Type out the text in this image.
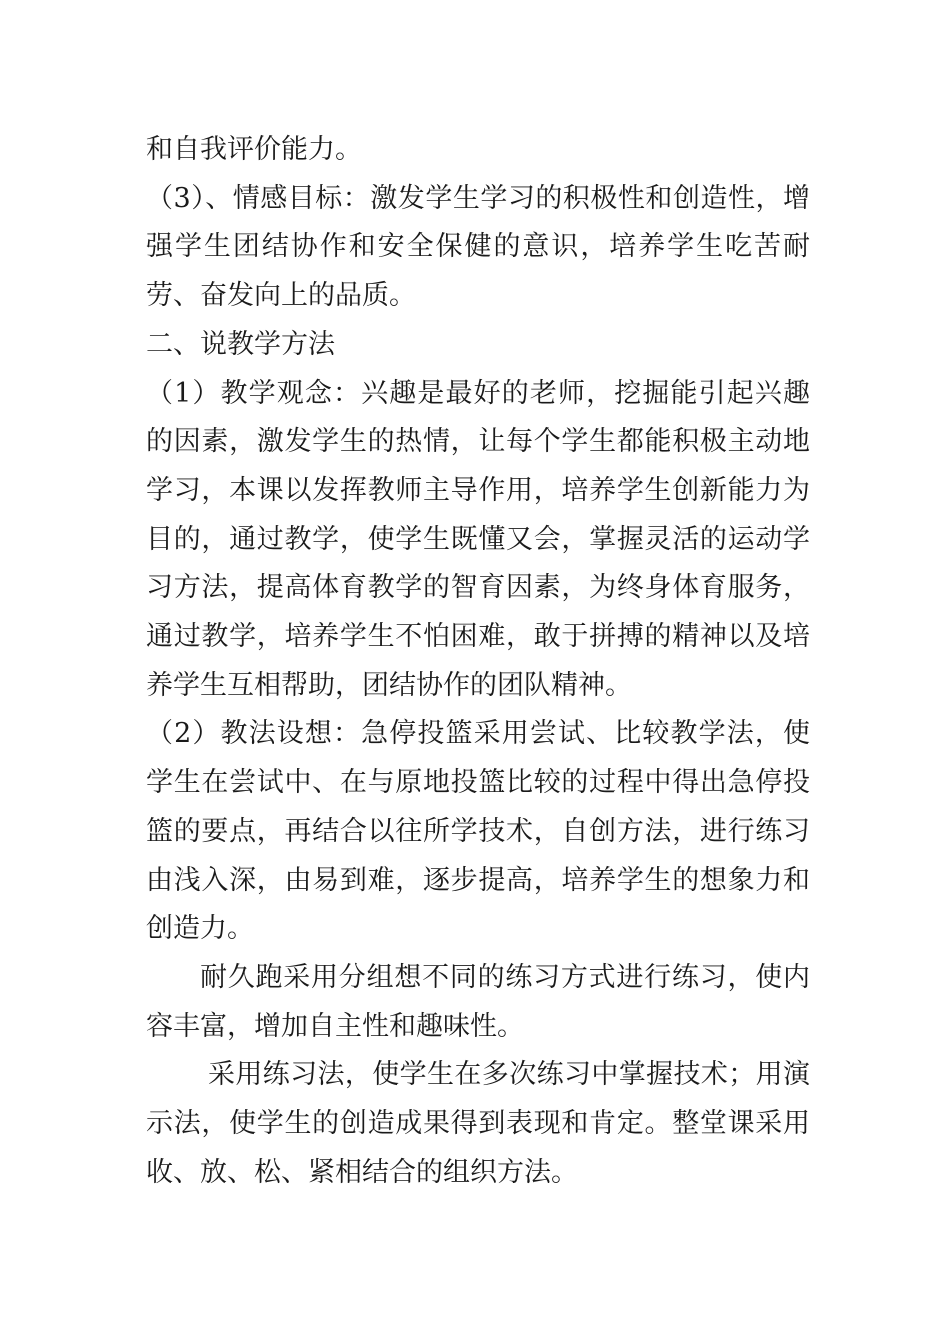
和自我评价能力。

（3）、情感目标：激发学生学习的积极性和创造性，增强学生团结协作和安全保健的意识，培养学生吃苦耐劳、奋发向上的品质。

二、说教学方法

（1）教学观念：兴趣是最好的老师，挖掘能引起兴趣的因素，激发学生的热情，让每个学生都能积极主动地学习，本课以发挥教师主导作用，培养学生创新能力为目的，通过教学，使学生既懂又会，掌握灵活的运动学习方法，提高体育教学的智育因素，为终身体育服务，通过教学，培养学生不怕困难，敢于拼搏的精神以及培养学生互相帮助，团结协作的团队精神。

（2）教法设想：急停投篮采用尝试、比较教学法，使学生在尝试中、在与原地投篮比较的过程中得出急停投篮的要点，再结合以往所学技术，自创方法，进行练习由浅入深，由易到难，逐步提高，培养学生的想象力和创造力。

耐久跑采用分组想不同的练习方式进行练习，使内容丰富，增加自主性和趣味性。

采用练习法，使学生在多次练习中掌握技术；用演示法，使学生的创造成果得到表现和肯定。整堂课采用收、放、松、紧相结合的组织方法。
